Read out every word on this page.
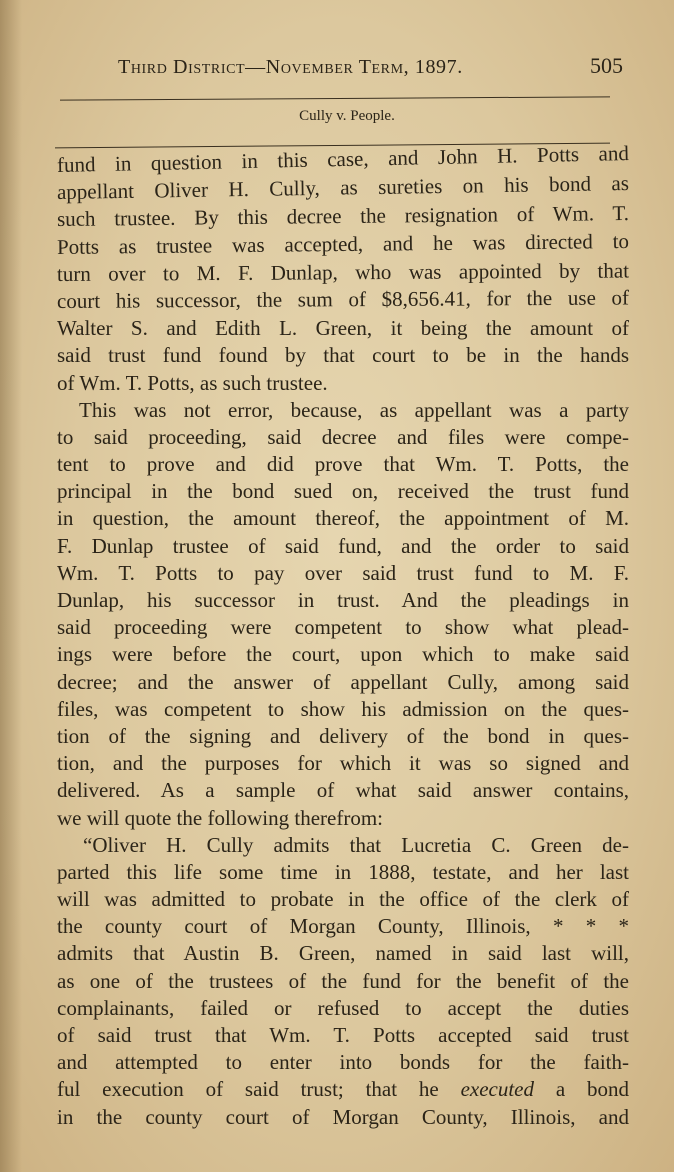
Third District—November Term, 1897.	505
Cully v. People.
fund in question in this case, and John H. Potts and
appellant Oliver H. Cully, as sureties on his bond as
such trustee. By this decree the resignation of Wm. T.
Potts as trustee was accepted, and he was directed to
turn over to M. F. Dunlap, who was appointed by that
court his successor, the sum of $8,656.41, for the use of
Walter S. and Edith L. Green, it being the amount of
said trust fund found by that court to be in the hands
of Wm. T. Potts, as such trustee.
This was not error, because, as appellant was a party
to said proceeding, said decree and files were compe-
tent to prove and did prove that Wm. T. Potts, the
principal in the bond sued on, received the trust fund
in question, the amount thereof, the appointment of M.
F. Dunlap trustee of said fund, and the order to said
Wm. T. Potts to pay over said trust fund to M. F.
Dunlap, his successor in trust. And the pleadings in
said proceeding were competent to show what plead-
ings were before the court, upon which to make said
decree; and the answer of appellant Cully, among said
files, was competent to show his admission on the ques-
tion of the signing and delivery of the bond in ques-
tion, and the purposes for which it was so signed and
delivered. As a sample of what said answer contains,
we will quote the following therefrom:
“Oliver H. Cully admits that Lucretia C. Green de-
parted this life some time in 1888, testate, and her last
will was admitted to probate in the office of the clerk of
the county court of Morgan County, Illinois, * * *
admits that Austin B. Green, named in said last will,
as one of the trustees of the fund for the benefit of the
complainants, failed or refused to accept the duties
of said trust that Wm. T. Potts accepted said trust
and attempted to enter into bonds for the faith-
ful execution of said trust; that he executed a bond
in the county court of Morgan County, Illinois, and
